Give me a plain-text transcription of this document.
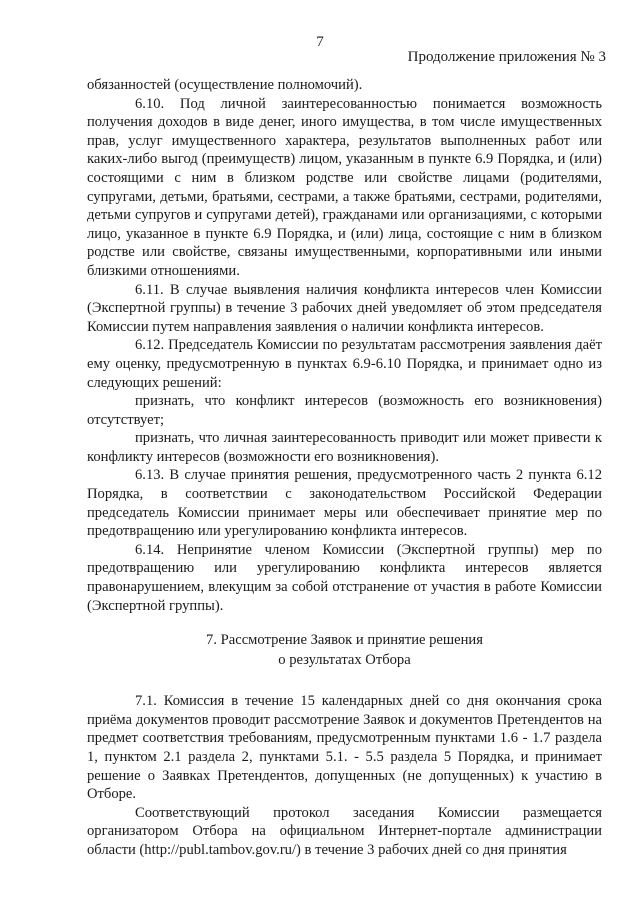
7
Продолжение приложения № 3

обязанностей (осуществление полномочий).

6.10. Под личной заинтересованностью понимается возможность получения доходов в виде денег, иного имущества, в том числе имущественных прав, услуг имущественного характера, результатов выполненных работ или каких-либо выгод (преимуществ) лицом, указанным в пункте 6.9 Порядка, и (или) состоящими с ним в близком родстве или свойстве лицами (родителями, супругами, детьми, братьями, сестрами, а также братьями, сестрами, родителями, детьми супругов и супругами детей), гражданами или организациями, с которыми лицо, указанное в пункте 6.9 Порядка, и (или) лица, состоящие с ним в близком родстве или свойстве, связаны имущественными, корпоративными или иными близкими отношениями.

6.11. В случае выявления наличия конфликта интересов член Комиссии (Экспертной группы) в течение 3 рабочих дней уведомляет об этом председателя Комиссии путем направления заявления о наличии конфликта интересов.

6.12. Председатель Комиссии по результатам рассмотрения заявления даёт ему оценку, предусмотренную в пунктах 6.9-6.10 Порядка, и принимает одно из следующих решений:

признать, что конфликт интересов (возможность его возникновения) отсутствует;

признать, что личная заинтересованность приводит или может привести к конфликту интересов (возможности его возникновения).

6.13. В случае принятия решения, предусмотренного часть 2 пункта 6.12 Порядка, в соответствии с законодательством Российской Федерации председатель Комиссии принимает меры или обеспечивает принятие мер по предотвращению или урегулированию конфликта интересов.

6.14. Непринятие членом Комиссии (Экспертной группы) мер по предотвращению или урегулированию конфликта интересов является правонарушением, влекущим за собой отстранение от участия в работе Комиссии (Экспертной группы).

7. Рассмотрение Заявок и принятие решения
о результатах Отбора

7.1. Комиссия в течение 15 календарных дней со дня окончания срока приёма документов проводит рассмотрение Заявок и документов Претендентов на предмет соответствия требованиям, предусмотренным пунктами 1.6 - 1.7 раздела 1, пунктом 2.1 раздела 2, пунктами 5.1. - 5.5 раздела 5 Порядка, и принимает решение о Заявках Претендентов, допущенных (не допущенных) к участию в Отборе.

Соответствующий протокол заседания Комиссии размещается организатором Отбора на официальном Интернет-портале администрации области (http://publ.tambov.gov.ru/) в течение 3 рабочих дней со дня принятия
